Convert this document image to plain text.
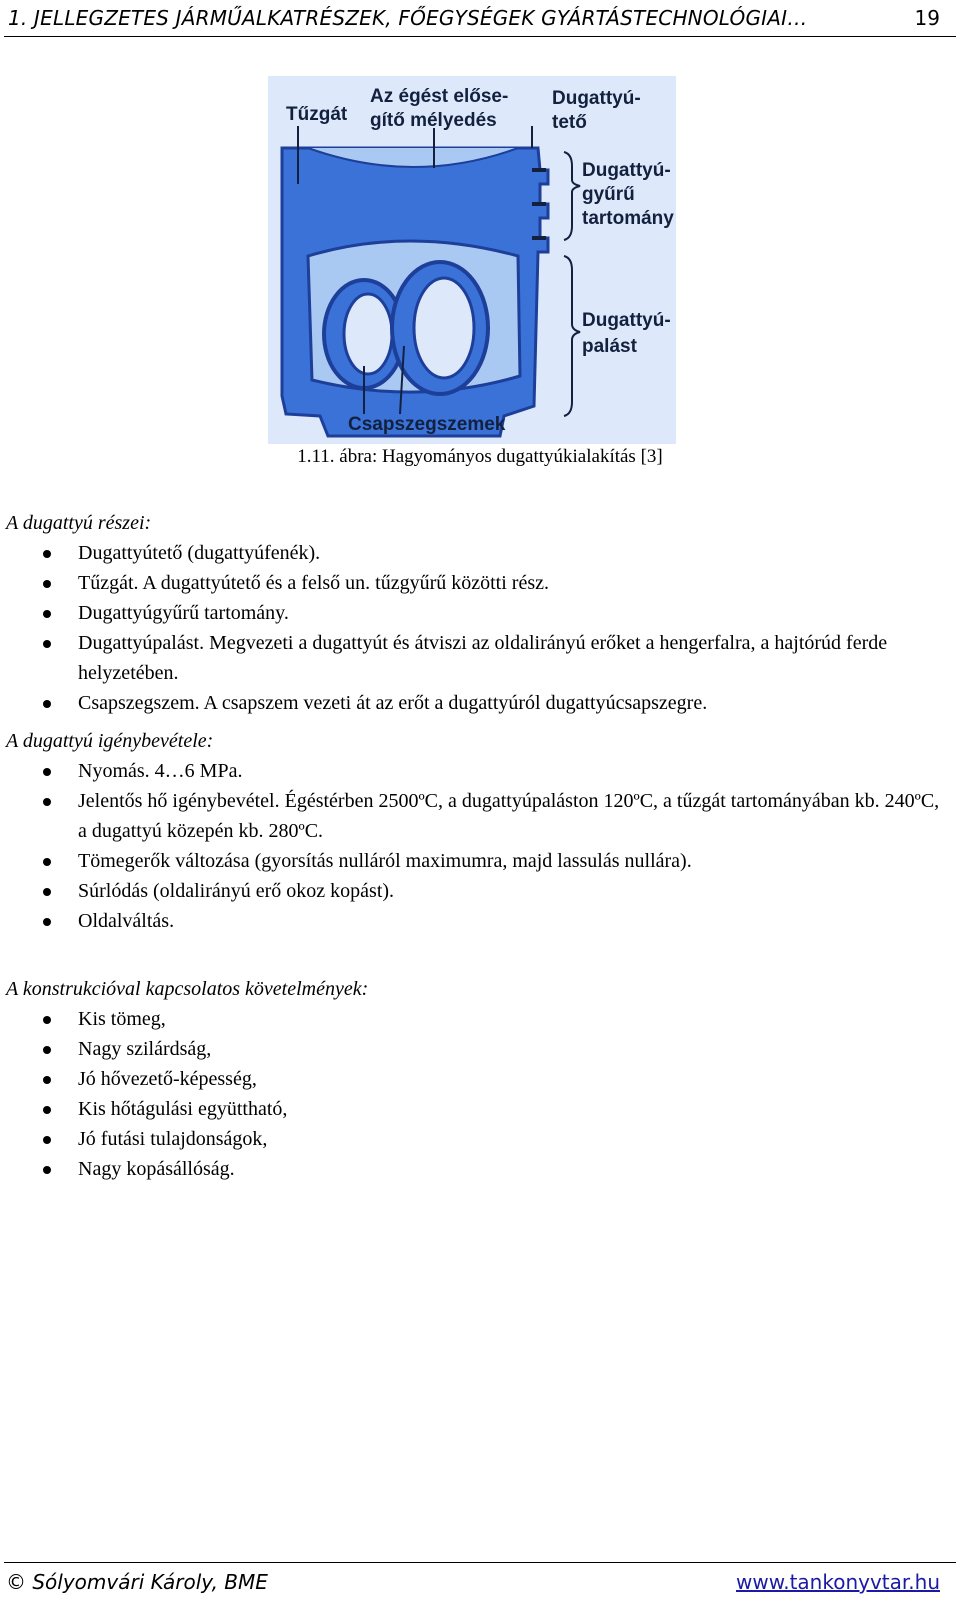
1. JELLEGZETES JÁRMŰALKATRÉSZEK, FŐEGYSÉGEK GYÁRTÁSTECHNOLÓGIAI…	19
Tűzgát
Az égést előse-
gítő mélyedés
Dugattyú-
tető
Dugattyú-
gyűrű
tartomány
Dugattyú-
palást
Csapszegszemek
1.11. ábra: Hagyományos dugattyúkialakítás [3]
A dugattyú részei:
Dugattyútető (dugattyúfenék).
Tűzgát. A dugattyútető és a felső un. tűzgyűrű közötti rész.
Dugattyúgyűrű tartomány.
Dugattyúpalást. Megvezeti a dugattyút és átviszi az oldalirányú erőket a hengerfalra, a hajtórúd ferde helyzetében.
Csapszegszem. A csapszem vezeti át az erőt a dugattyúról dugattyúcsapszegre.
A dugattyú igénybevétele:
Nyomás. 4…6 MPa.
Jelentős hő igénybevétel. Égéstérben 2500ºC, a dugattyúpaláston 120ºC, a tűzgát tartományában kb. 240ºC, a dugattyú közepén kb. 280ºC.
Tömegerők változása (gyorsítás nulláról maximumra, majd lassulás nullára).
Súrlódás (oldalirányú erő okoz kopást).
Oldalváltás.
A konstrukcióval kapcsolatos követelmények:
Kis tömeg,
Nagy szilárdság,
Jó hővezető-képesség,
Kis hőtágulási együttható,
Jó futási tulajdonságok,
Nagy kopásállóság.
© Sólyomvári Károly, BME	www.tankonyvtar.hu
